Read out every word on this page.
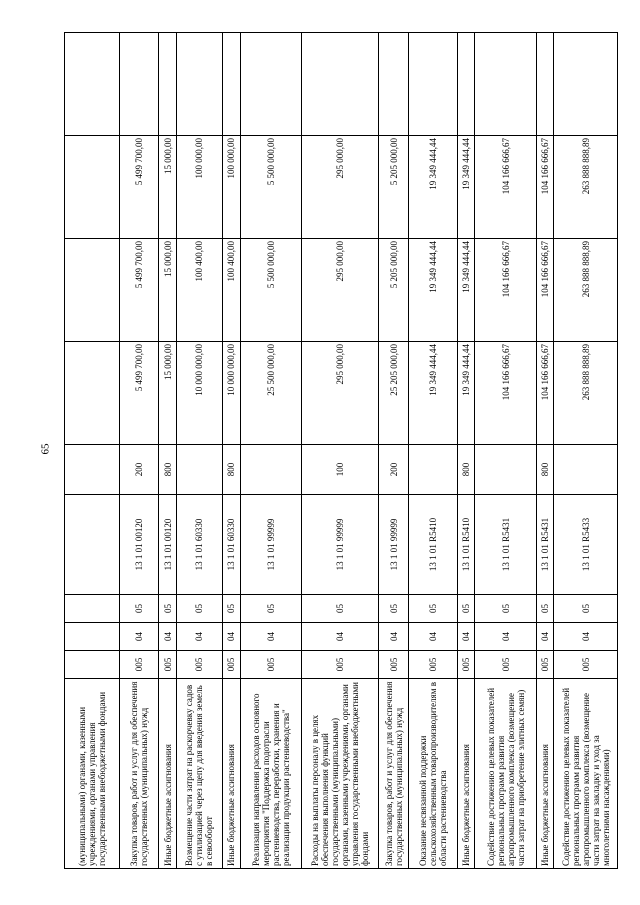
65
(муниципальными) органами, казенными учреждениями, органами управления государственными внебюджетными фондами									
Закупка товаров, работ и услуг для обеспечения государственных (муниципальных) нужд	005	04	05	13 1 01 00120	200	5 499 700,00	5 499 700,00	5 499 700,00	
Иные бюджетные ассигнования	005	04	05	13 1 01 00120	800	15 000,00	15 000,00	15 000,00	
Возмещение части затрат на раскорчевку садов с утилизацией через щепу для введения земель в севооборот	005	04	05	13 1 01 60330		10 000 000,00	100 400,00	100 000,00	
Иные бюджетные ассигнования	005	04	05	13 1 01 60330	800	10 000 000,00	100 400,00	100 000,00	
Реализация направления расходов основного мероприятия "Поддержка подотрасли растениеводства, переработки, хранения и реализации продукции растениеводства"	005	04	05	13 1 01 99999		25 500 000,00	5 500 000,00	5 500 000,00	
Расходы на выплаты персоналу в целях обеспечения выполнения функций государственными (муниципальными) органами, казенными учреждениями, органами управления государственными внебюджетными фондами	005	04	05	13 1 01 99999	100	295 000,00	295 000,00	295 000,00	
Закупка товаров, работ и услуг для обеспечения государственных (муниципальных) нужд	005	04	05	13 1 01 99999	200	25 205 000,00	5 205 000,00	5 205 000,00	
Оказание несвязанной поддержки сельскохозяйственным товаропроизводителям в области растениеводства	005	04	05	13 1 01 R5410		19 349 444,44	19 349 444,44	19 349 444,44	
Иные бюджетные ассигнования	005	04	05	13 1 01 R5410	800	19 349 444,44	19 349 444,44	19 349 444,44	
Содействие достижению целевых показателей региональных программ развития агропромышленного комплекса (возмещение части затрат на приобретение элитных семян)	005	04	05	13 1 01 R5431		104 166 666,67	104 166 666,67	104 166 666,67	
Иные бюджетные ассигнования	005	04	05	13 1 01 R5431	800	104 166 666,67	104 166 666,67	104 166 666,67	
Содействие достижению целевых показателей региональных программ развития агропромышленного комплекса (возмещение части затрат на закладку и уход за многолетними насаждениями)	005	04	05	13 1 01 R5433		263 888 888,89	263 888 888,89	263 888 888,89	
